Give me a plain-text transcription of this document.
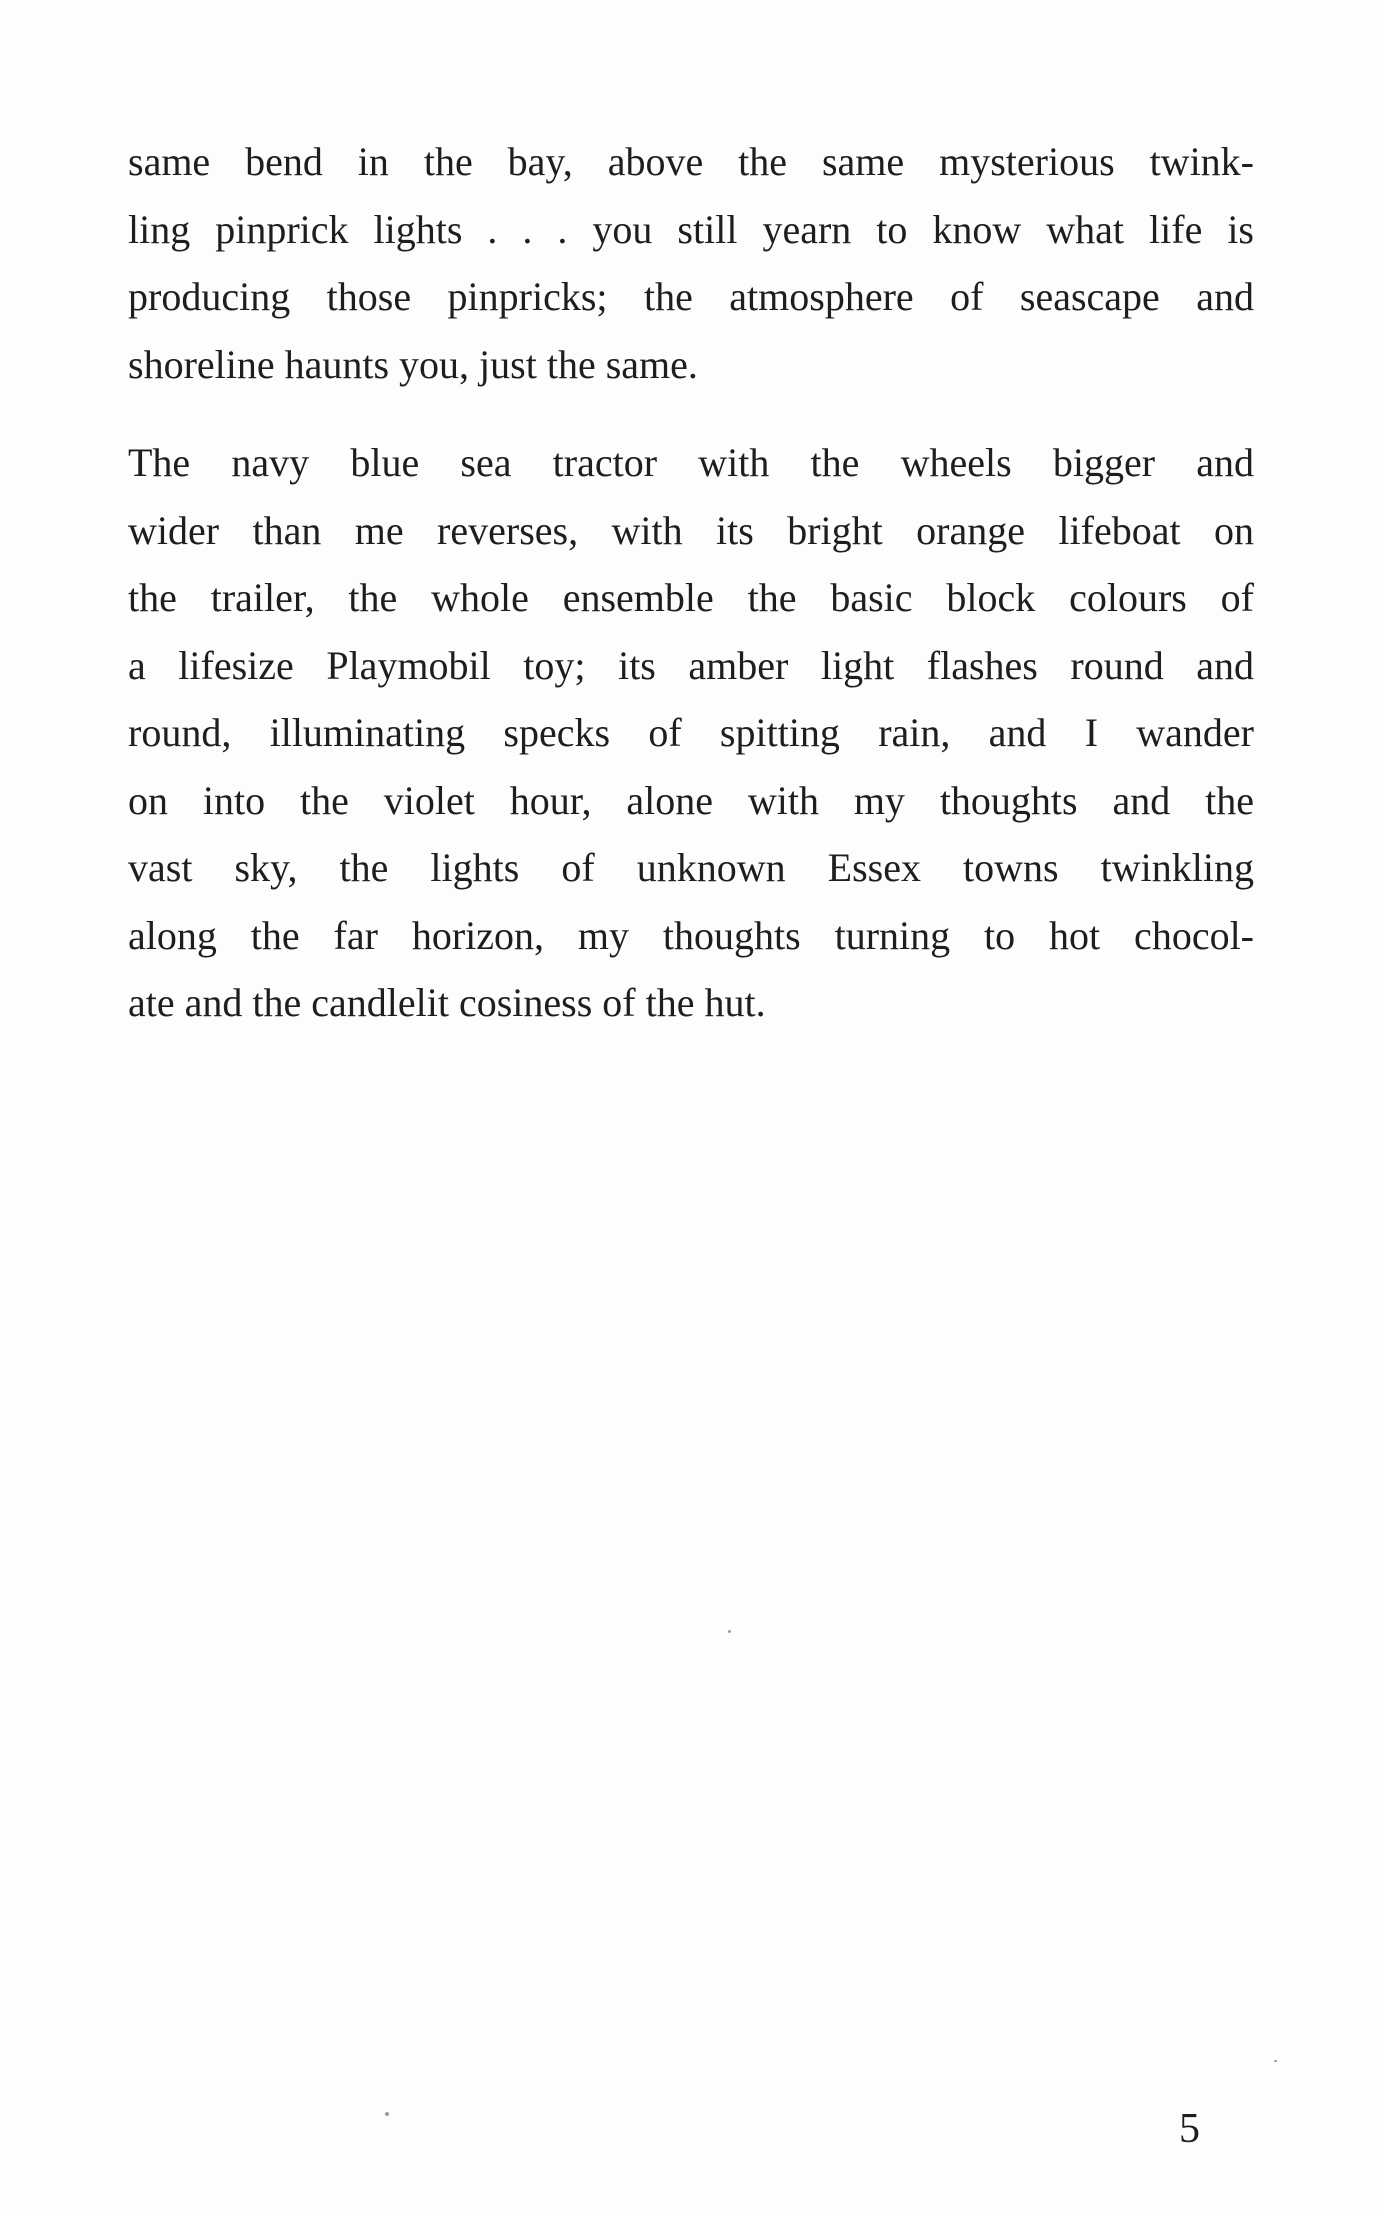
same bend in the bay, above the same mysterious twink-
ling pinprick lights . . . you still yearn to know what life is
producing those pinpricks; the atmosphere of seascape and
shoreline haunts you, just the same.
The navy blue sea tractor with the wheels bigger and
wider than me reverses, with its bright orange lifeboat on
the trailer, the whole ensemble the basic block colours of
a lifesize Playmobil toy; its amber light flashes round and
round, illuminating specks of spitting rain, and I wander
on into the violet hour, alone with my thoughts and the
vast sky, the lights of unknown Essex towns twinkling
along the far horizon, my thoughts turning to hot chocol-
ate and the candlelit cosiness of the hut.
5
